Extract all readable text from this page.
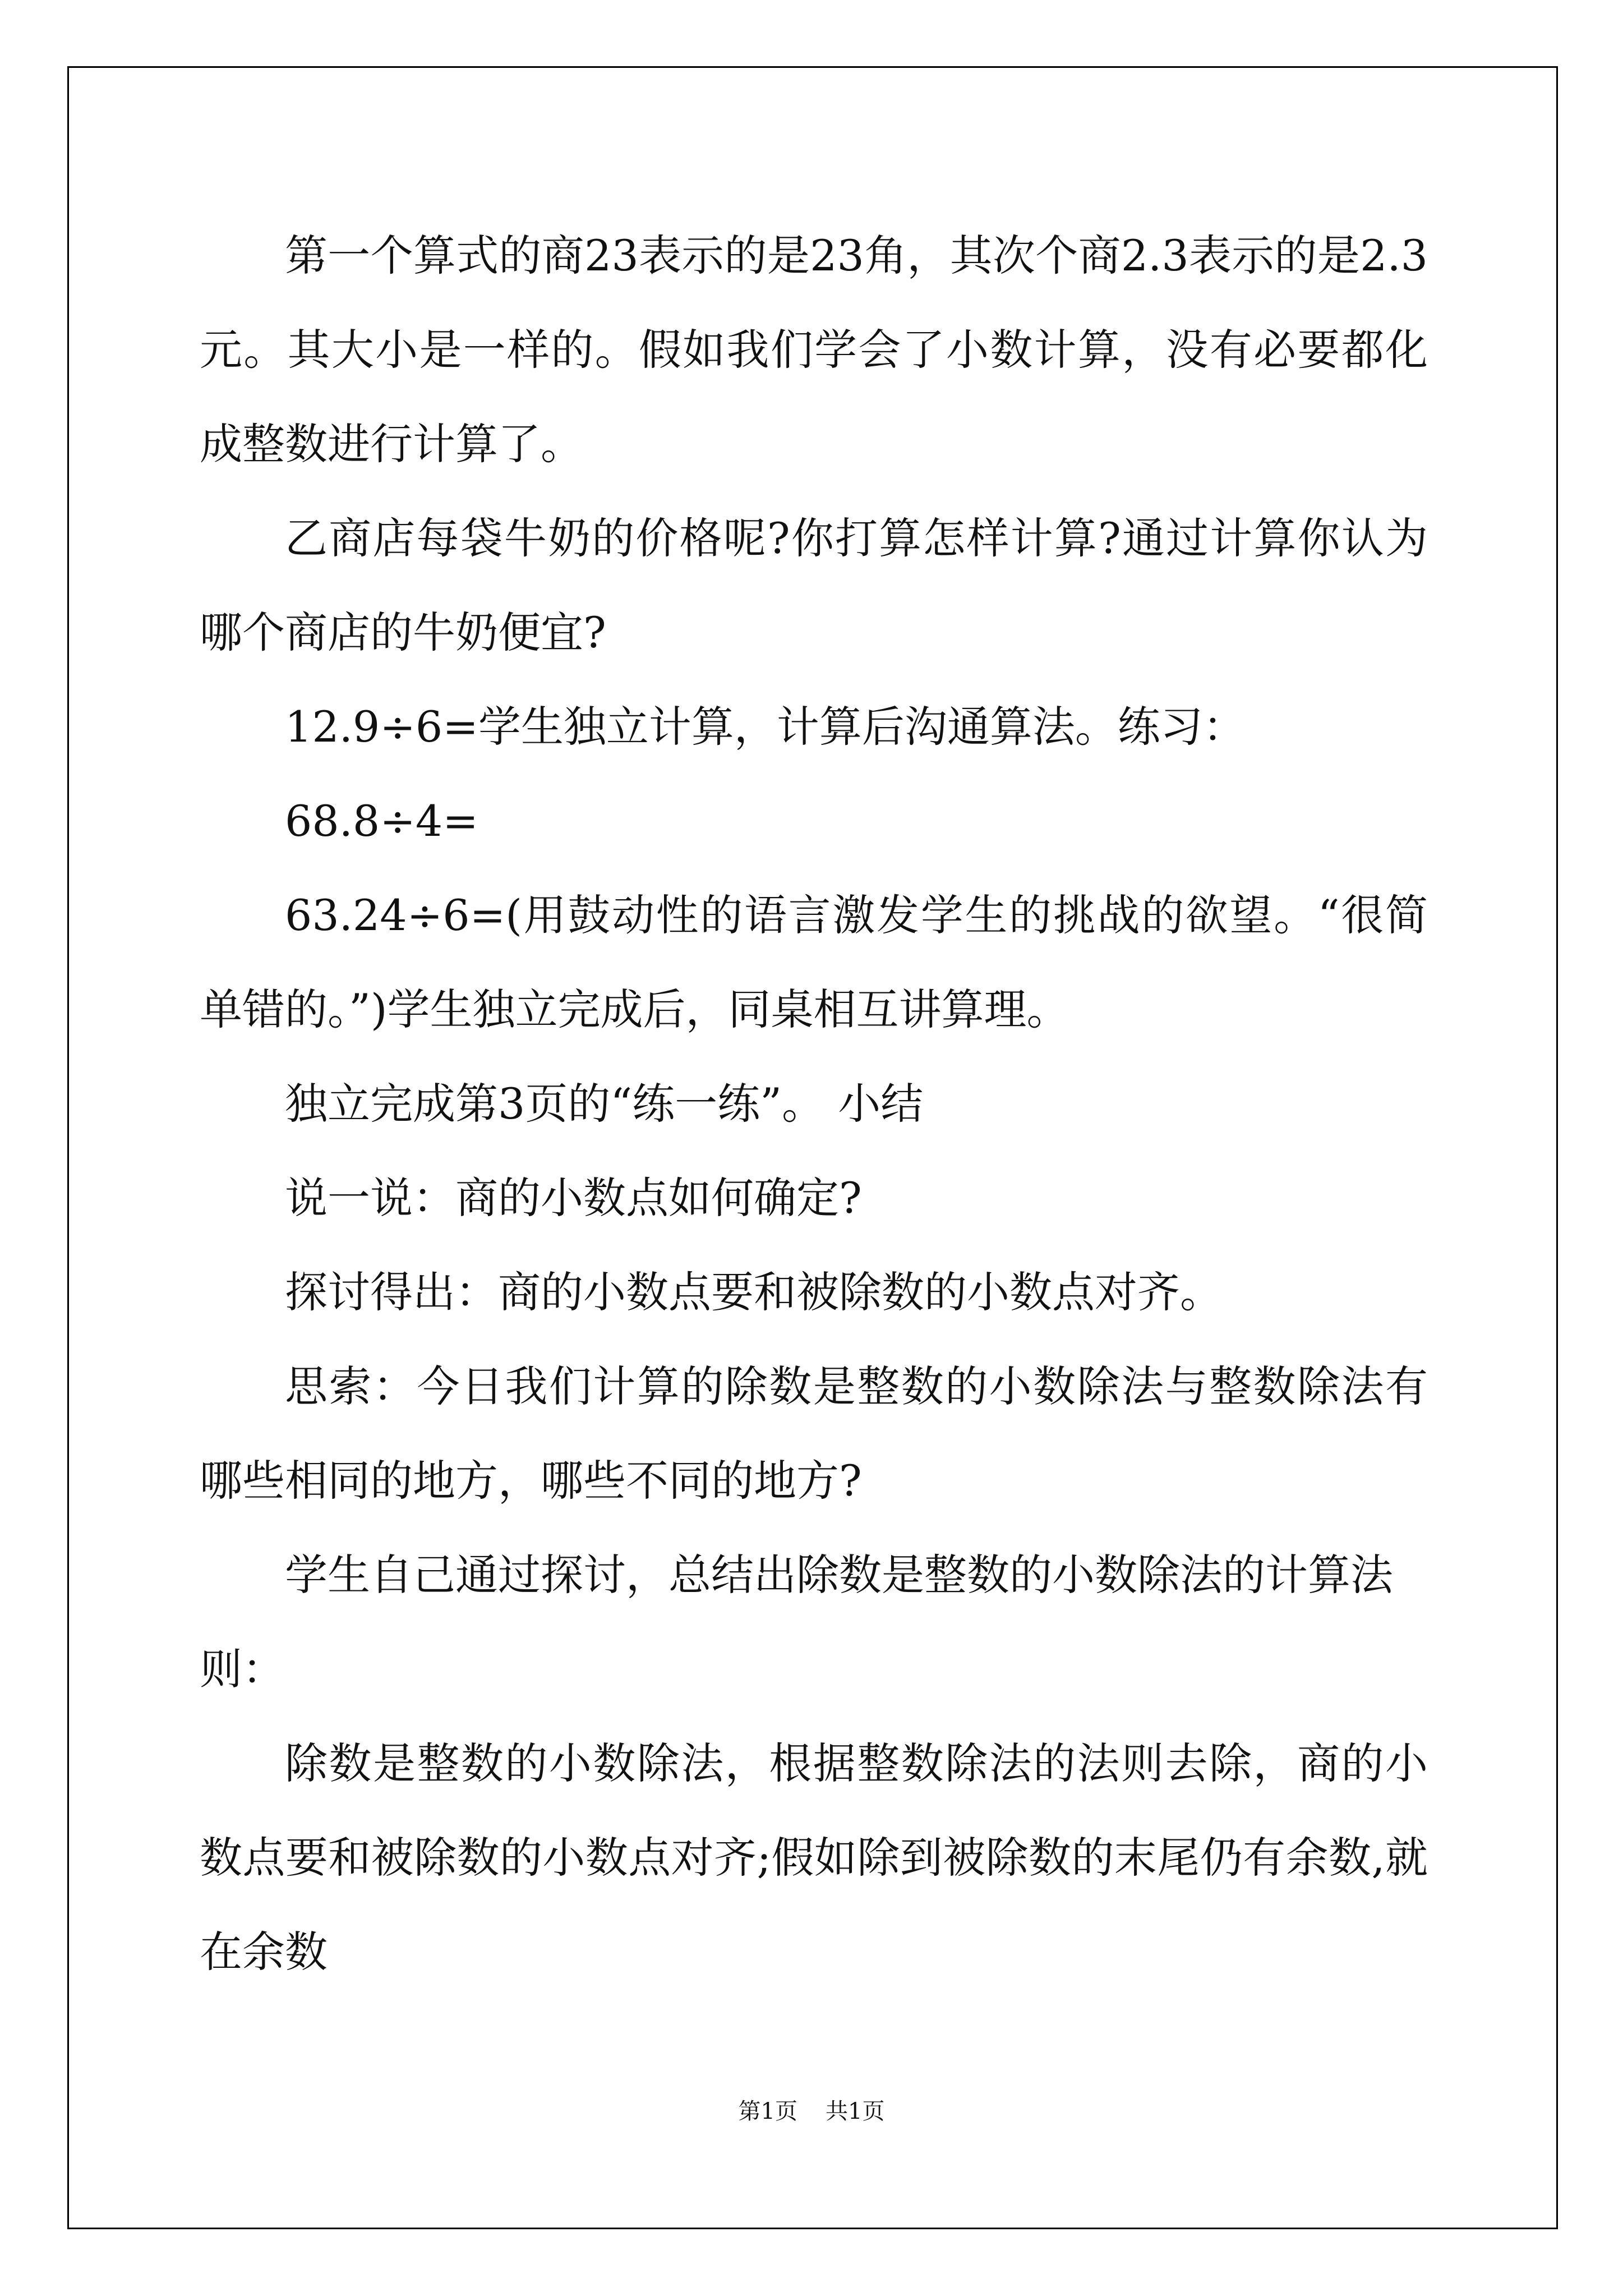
第一个算式的商23表示的是23角，其次个商2.3表示的是2.3元。其大小是一样的。假如我们学会了小数计算，没有必要都化成整数进行计算了。

乙商店每袋牛奶的价格呢?你打算怎样计算?通过计算你认为哪个商店的牛奶便宜?

12.9÷6=学生独立计算，计算后沟通算法。练习：

68.8÷4=

63.24÷6=(用鼓动性的语言激发学生的挑战的欲望。“很简单错的。”)学生独立完成后，同桌相互讲算理。

独立完成第3页的“练一练”。 小结

说一说：商的小数点如何确定?

探讨得出：商的小数点要和被除数的小数点对齐。

思索：今日我们计算的除数是整数的小数除法与整数除法有哪些相同的地方，哪些不同的地方?

学生自己通过探讨，总结出除数是整数的小数除法的计算法则：

除数是整数的小数除法，根据整数除法的法则去除，商的小数点要和被除数的小数点对齐;假如除到被除数的末尾仍有余数,就在余数

第1页 共1页
